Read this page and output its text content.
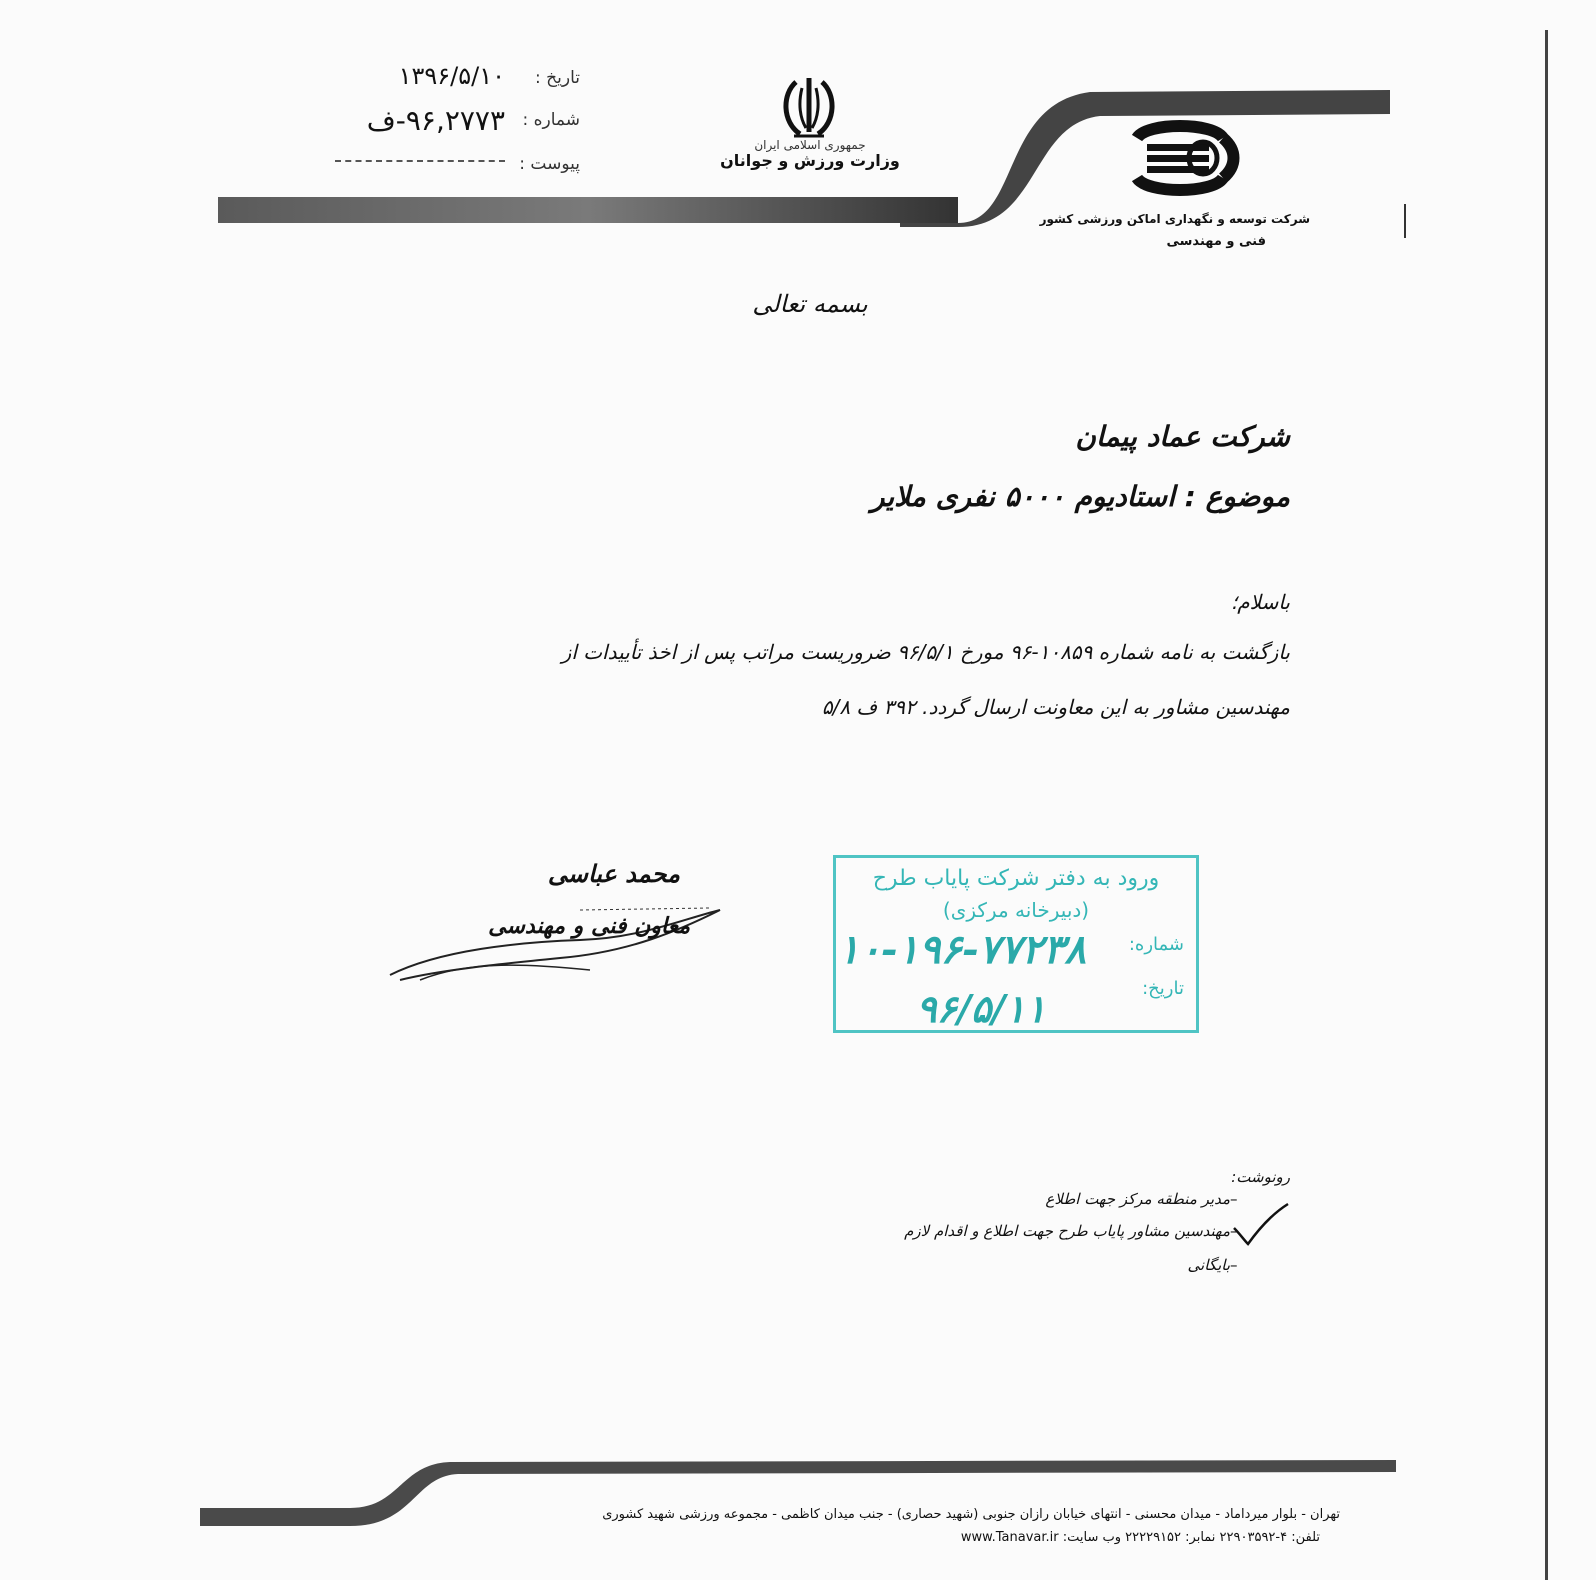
تاریخ :
۱۳۹۶/۵/۱۰
شماره :
۹۶,۲۷۷۳-ف
پیوست :
جمهوری اسلامی ایران
وزارت ورزش و جوانان
شرکت توسعه و نگهداری اماکن ورزشی کشور
فنی و مهندسی
بسمه تعالی
شرکت عماد پیمان
موضوع : استادیوم ۵۰۰۰ نفری ملایر
باسلام؛
بازگشت به نامه شماره ۱۰۸۵۹-۹۶ مورخ ۹۶/۵/۱ ضروریست مراتب پس از اخذ تأییدات از
مهندسین مشاور به این معاونت ارسال گردد. ۳۹۲ ف ۵/۸
محمد عباسی
معاون فنی و مهندسی
ورود به دفتر شرکت پایاب طرح
(دبیرخانه مرکزی)
شماره:
۱۰-۱۹۶-۷۷۲۳۸
تاریخ:
۹۶/۵/۱۱
رونوشت:
–
مدیر منطقه مرکز جهت اطلاع
–
مهندسین مشاور پایاب طرح جهت اطلاع و اقدام لازم
–
بایگانی
تهران - بلوار میرداماد - میدان محسنی - انتهای خیابان رازان جنوبی (شهید حصاری) - جنب میدان کاظمی - مجموعه ورزشی شهید کشوری
تلفن: ۴-۲۲۹۰۳۵۹۲ نمابر: ۲۲۲۲۹۱۵۲ وب سایت: www.Tanavar.ir
